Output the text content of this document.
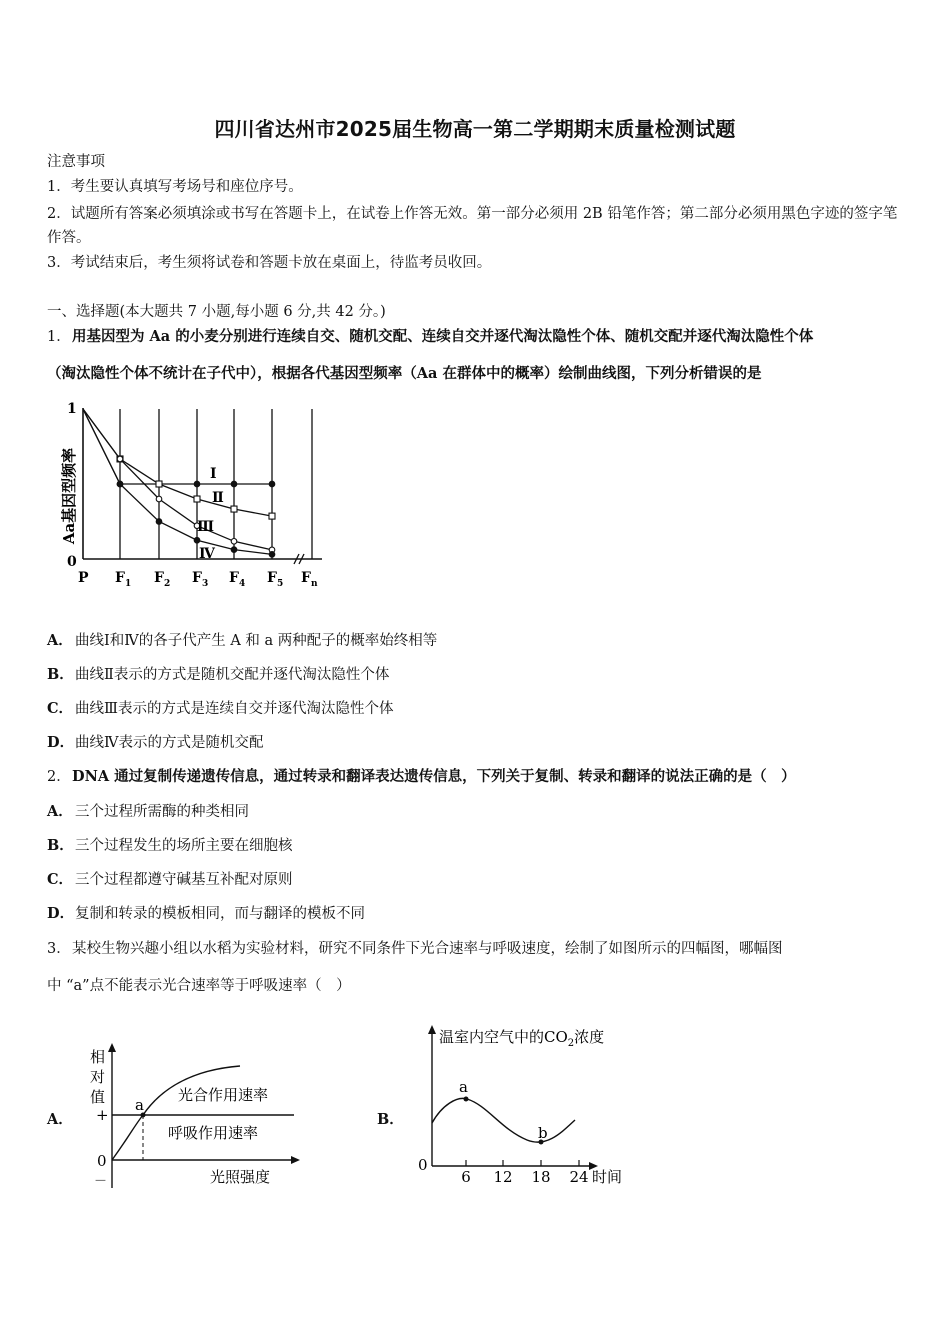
四川省达州市2025届生物高一第二学期期末质量检测试题
注意事项
1．考生要认真填写考场号和座位序号。
2．试题所有答案必须填涂或书写在答题卡上，在试卷上作答无效。第一部分必须用 2B 铅笔作答；第二部分必须用黑色字迹的签字笔作答。
3．考试结束后，考生须将试卷和答题卡放在桌面上，待监考员收回。
一、选择题(本大题共 7 小题,每小题 6 分,共 42 分。)
1． 用基因型为 Aa 的小麦分别进行连续自交、随机交配、连续自交并逐代淘汰隐性个体、随机交配并逐代淘汰隐性个体
（淘汰隐性个体不统计在子代中），根据各代基因型频率（Aa 在群体中的概率）绘制曲线图，下列分析错误的是
Aa基因型频率
1
0
P $F_1$ $F_2$ $F_3$ $F_4$ $F_5$ $F_n$
Ⅰ
Ⅱ
Ⅲ
Ⅳ
A． 曲线Ⅰ和Ⅳ的各子代产生 A 和 a 两种配子的概率始终相等
B． 曲线Ⅱ表示的方式是随机交配并逐代淘汰隐性个体
C． 曲线Ⅲ表示的方式是连续自交并逐代淘汰隐性个体
D． 曲线Ⅳ表示的方式是随机交配
2． DNA 通过复制传递遗传信息，通过转录和翻译表达遗传信息，下列关于复制、转录和翻译的说法正确的是（　）
A． 三个过程所需酶的种类相同
B． 三个过程发生的场所主要在细胞核
C． 三个过程都遵守碱基互补配对原则
D． 复制和转录的模板相同，而与翻译的模板不同
3． 某校生物兴趣小组以水稻为实验材料，研究不同条件下光合速率与呼吸速度，绘制了如图所示的四幅图，哪幅图
中 “a”点不能表示光合速率等于呼吸速率（　）
A．	B．
相
对
值
+
0
－
a
光合作用速率
呼吸作用速率
光照强度	6 12 18 24
a
b
温室内空气中的$CO_2$浓度
0
时间
